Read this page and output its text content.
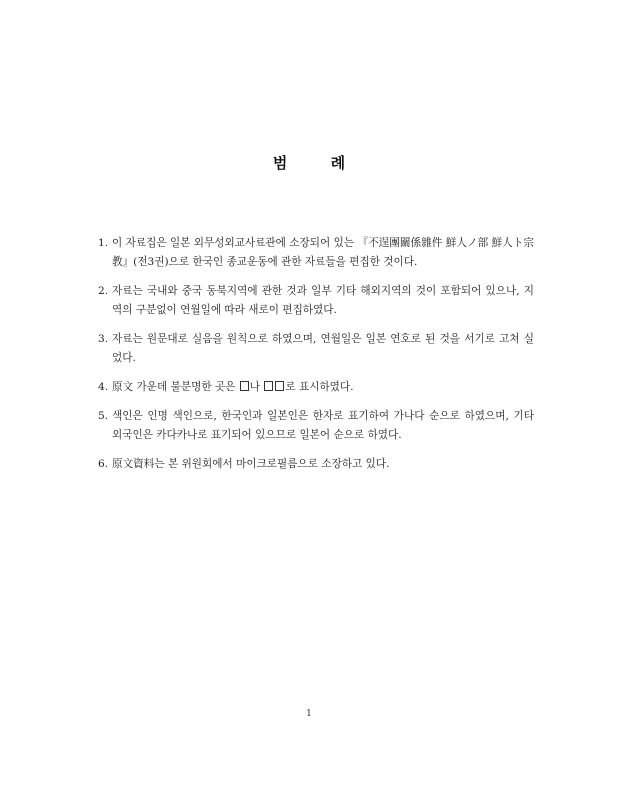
범 례
1. 이 자료집은 일본 외무성외교사료관에 소장되어 있는 『不逞團關係雜件 鮮人ノ部 鮮人ト宗教』(전3권)으로 한국인 종교운동에 관한 자료들을 편집한 것이다.
2. 자료는 국내와 중국 동북지역에 관한 것과 일부 기타 해외지역의 것이 포함되어 있으나, 지역의 구분없이 연월일에 따라 새로이 편집하였다.
3. 자료는 원문대로 실음을 원칙으로 하였으며, 연월일은 일본 연호로 된 것을 서기로 고쳐 실었다.
4. 原文 가운데 불분명한 곳은 나 로 표시하였다.
5. 색인은 인명 색인으로, 한국인과 일본인은 한자로 표기하여 가나다 순으로 하였으며, 기타 외국인은 카다카나로 표기되어 있으므로 일본어 순으로 하였다.
6. 原文資料는 본 위원회에서 마이크로필름으로 소장하고 있다.
1
